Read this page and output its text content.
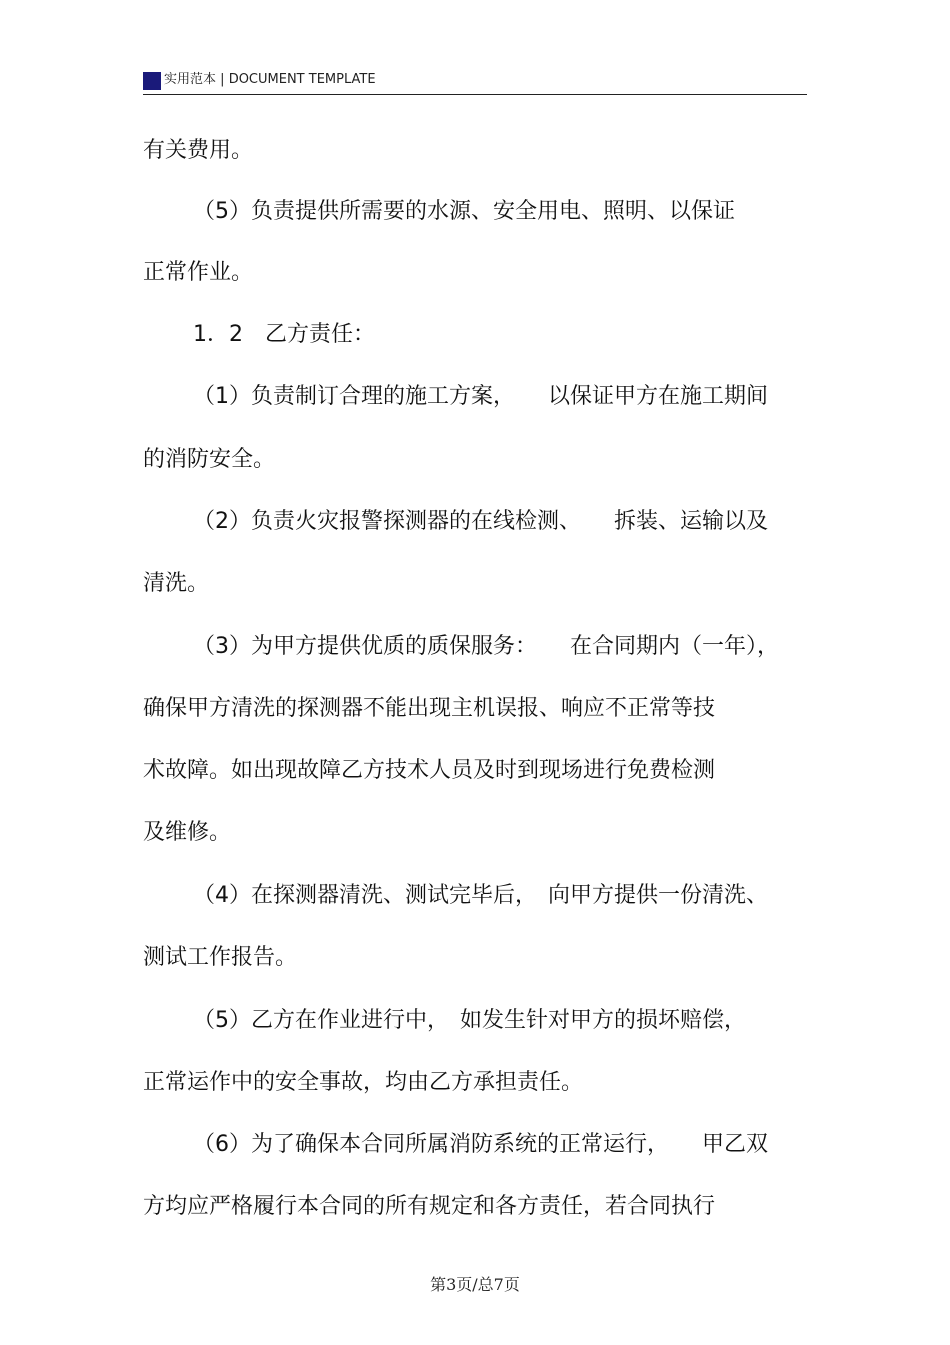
实用范本 | DOCUMENT TEMPLATE
有关费用。
（5）负责提供所需要的水源、安全用电、照明、以保证
正常作业。
1．2　乙方责任：
（1）负责制订合理的施工方案，　　以保证甲方在施工期间
的消防安全。
（2）负责火灾报警探测器的在线检测、　　拆装、运输以及
清洗。
（3）为甲方提供优质的质保服务：　　在合同期内（一年），
确保甲方清洗的探测器不能出现主机误报、响应不正常等技
术故障。如出现故障乙方技术人员及时到现场进行免费检测
及维修。
（4）在探测器清洗、测试完毕后，　向甲方提供一份清洗、
测试工作报告。
（5）乙方在作业进行中，　如发生针对甲方的损坏赔偿，
正常运作中的安全事故，均由乙方承担责任。
（6）为了确保本合同所属消防系统的正常运行，　　甲乙双
方均应严格履行本合同的所有规定和各方责任，若合同执行
第3页/总7页
